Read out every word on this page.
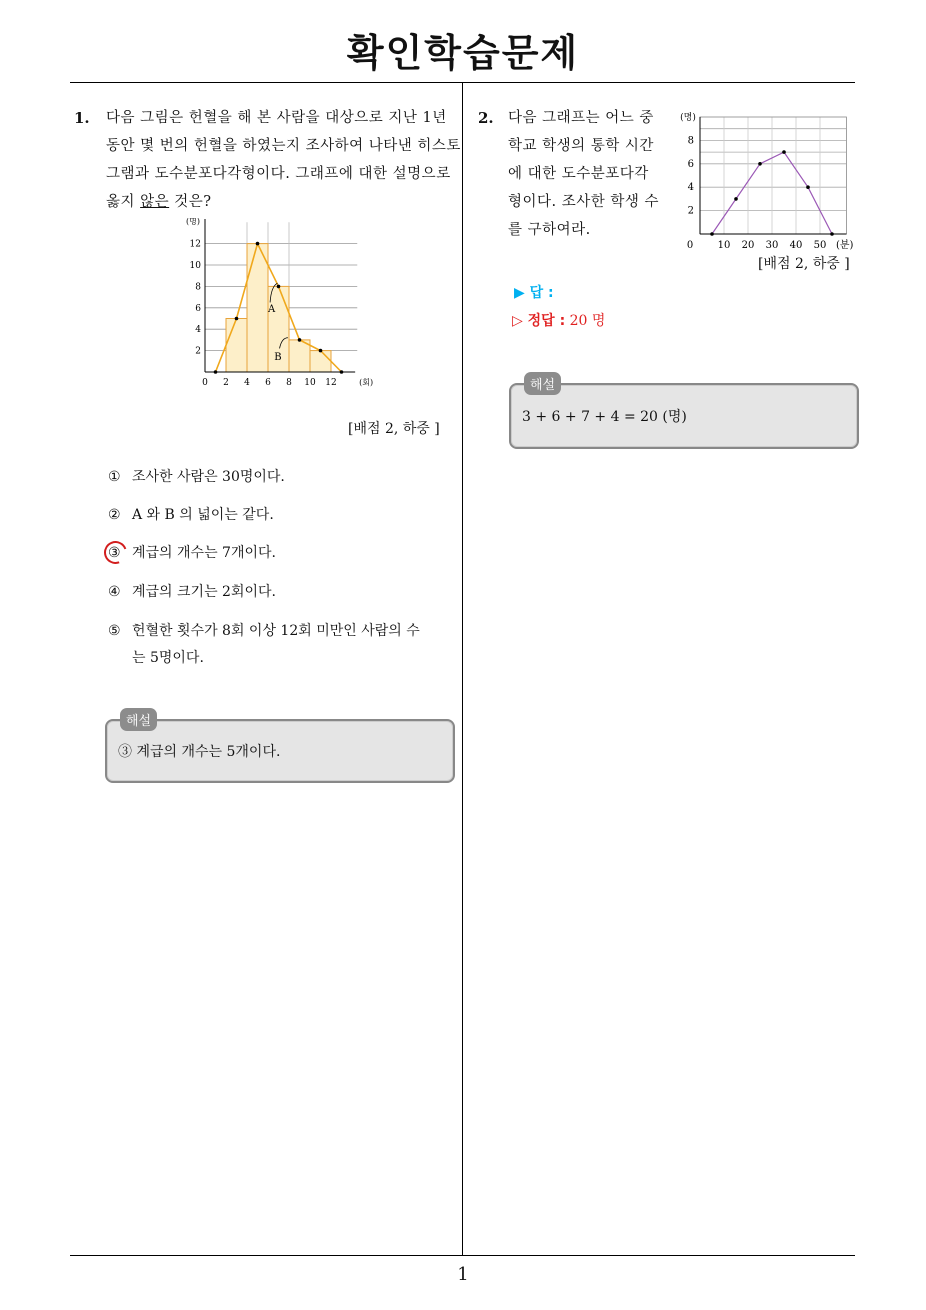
확인학습문제
1
1. 다음 그림은 헌혈을 해 본 사람을 대상으로 지난 1년
동안 몇 번의 헌혈을 하였는지 조사하여 나타낸 히스토
그램과 도수분포다각형이다. 그래프에 대한 설명으로
옳지 않은 것은?
0 2 4 6 8 10 12
2
4
6
8
10
12
(명)
(회)
A
B
[배점 2, 하중 ]
① 조사한 사람은 30명이다.
② A 와 B 의 넓이는 같다.
③ 계급의 개수는 7개이다.
④ 계급의 크기는 2회이다.
⑤ 헌혈한 횟수가 8회 이상 12회 미만인 사람의 수
는 5명이다.
해설
③ 계급의 개수는 5개이다.
2. 다음 그래프는 어느 중
학교 학생의 통학 시간
에 대한 도수분포다각
형이다. 조사한 학생 수
를 구하여라.
0 10 20 30 40 50
2
4
6
8
(명)
(분)
[배점 2, 하중 ]
▶ 답 :
▷ 정답 : 20 명
해설
3 + 6 + 7 + 4 = 20 (명)
